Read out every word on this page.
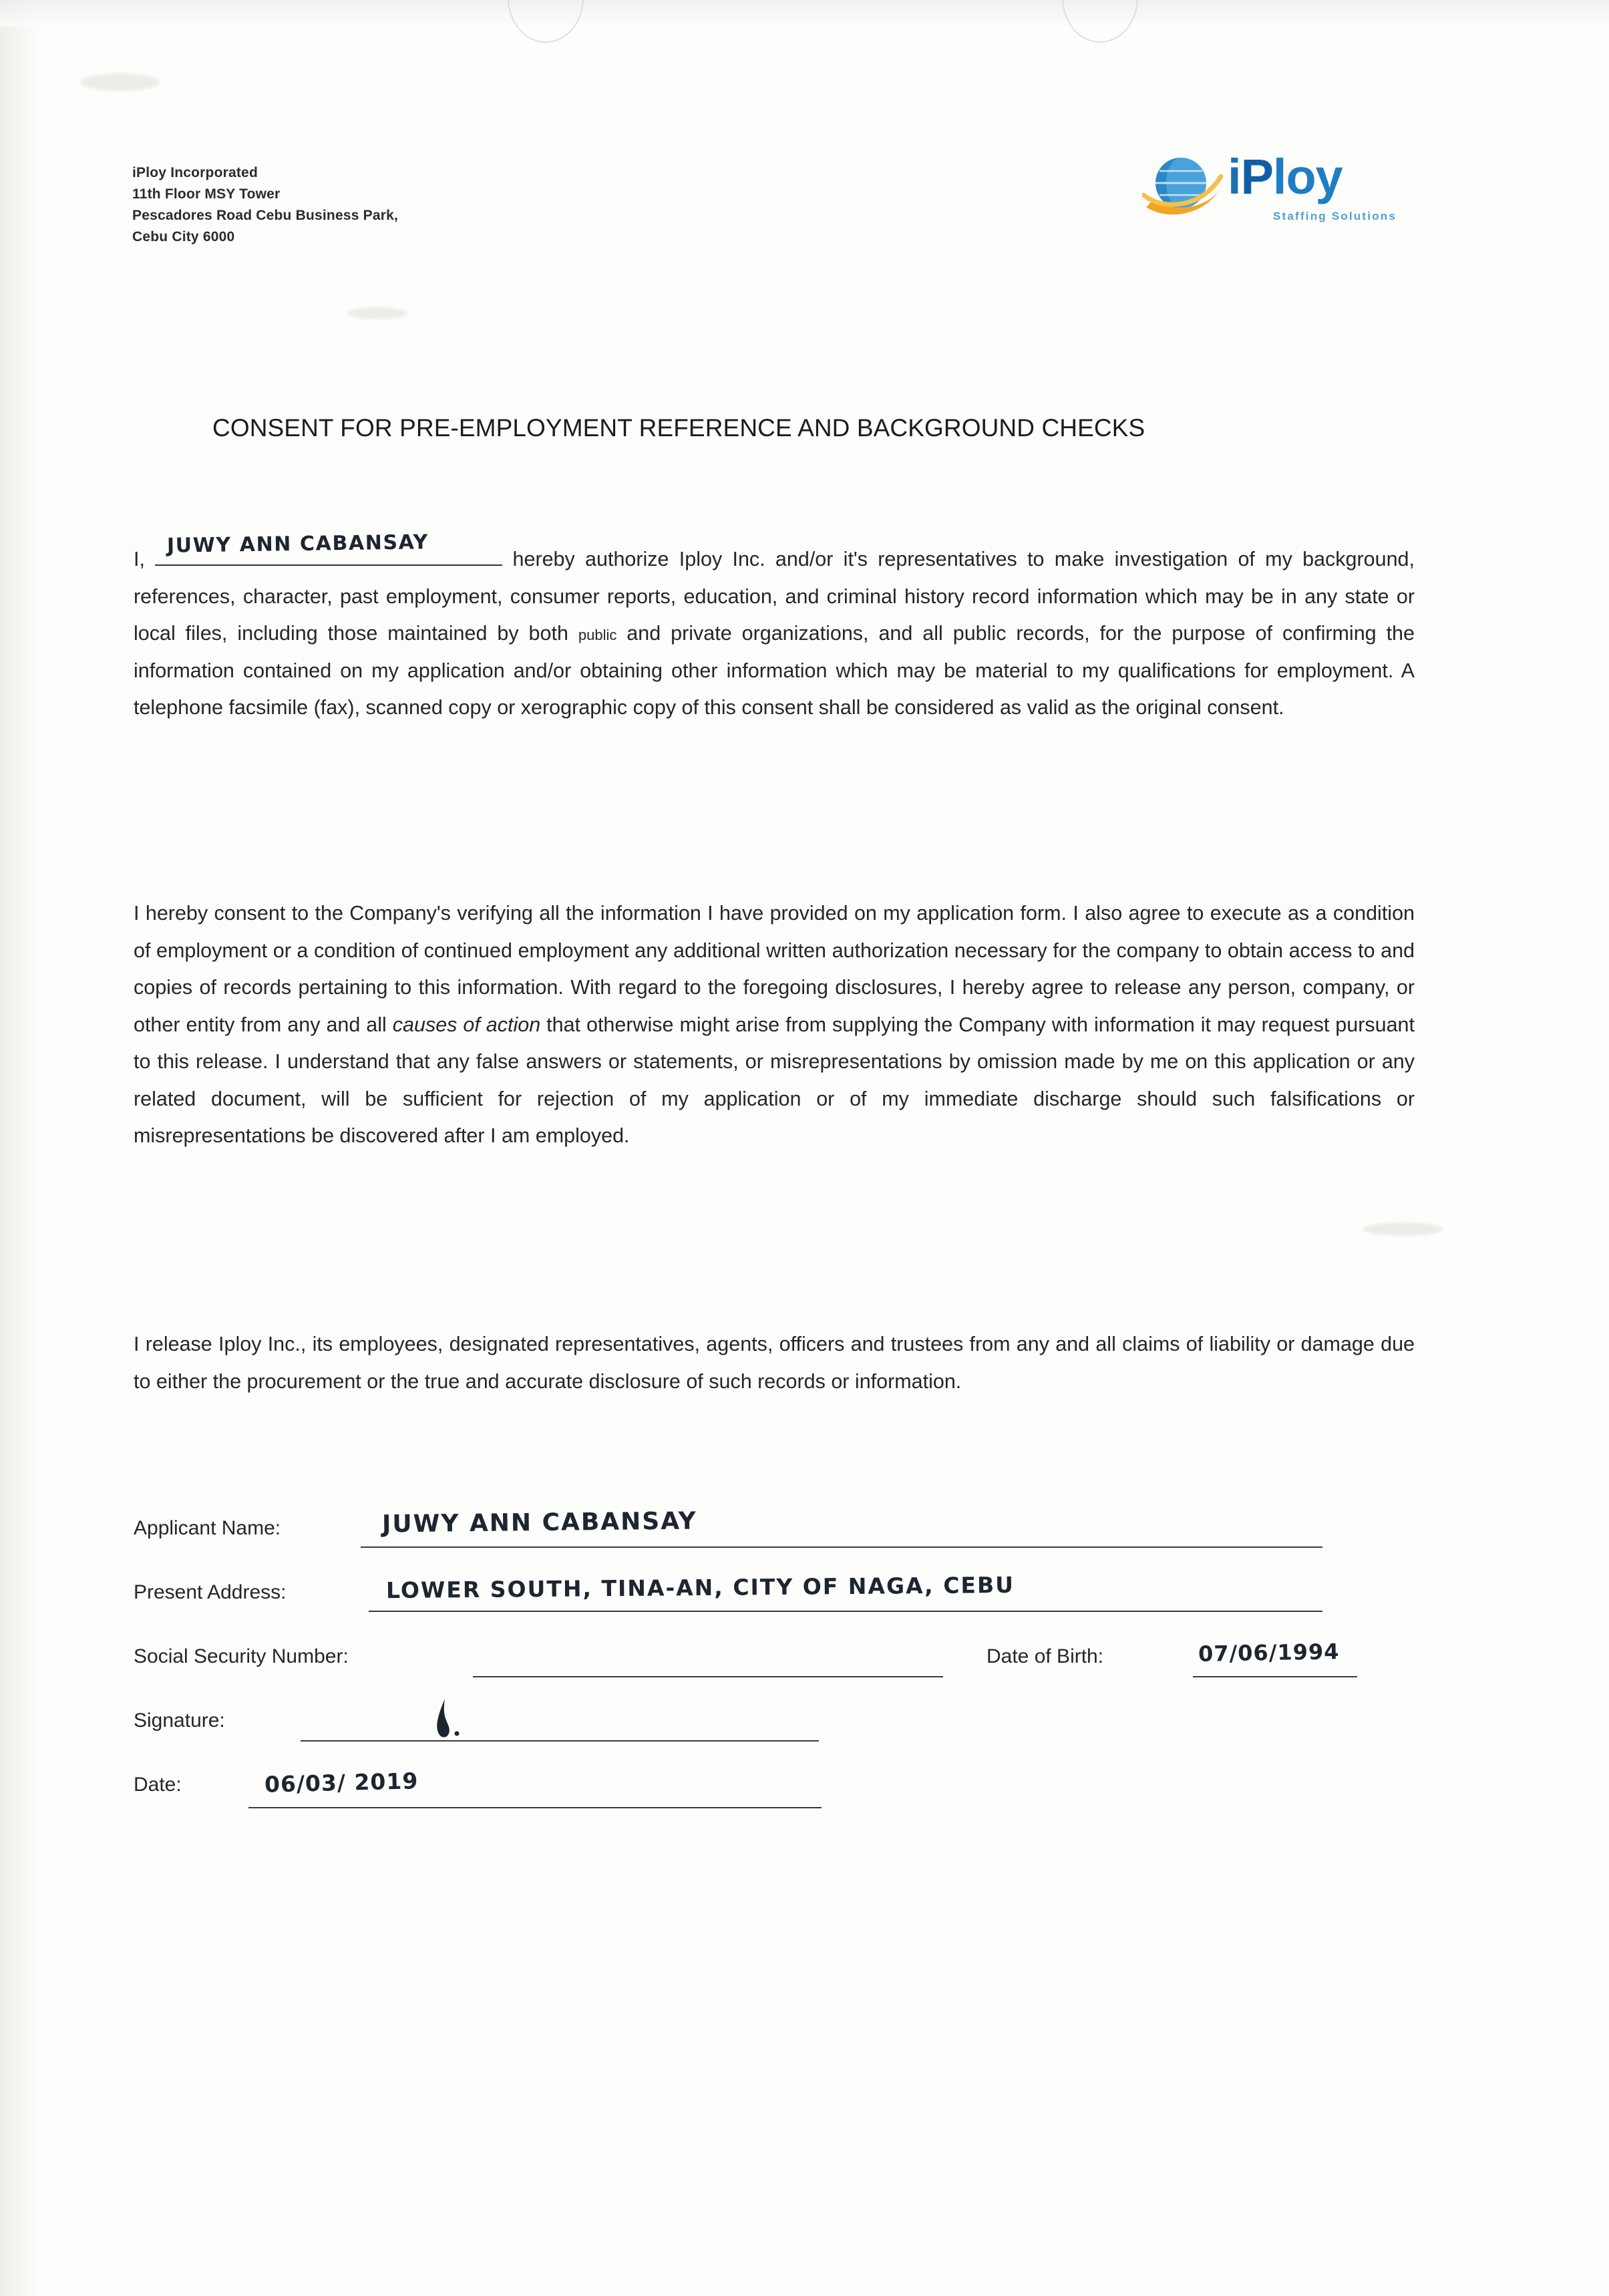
iPloy Incorporated
11th Floor MSY Tower
Pescadores Road Cebu Business Park,
Cebu City 6000
iPloy
Staffing Solutions
CONSENT FOR PRE-EMPLOYMENT REFERENCE AND BACKGROUND CHECKS
I,
JUWY ANN CABANSAY
hereby authorize Iploy Inc. and/or it's representatives to make investigation of my background, references, character, past employment, consumer reports, education, and criminal history record information which may be in any state or local files, including those maintained by both public and private organizations, and all public records, for the purpose of confirming the information contained on my application and/or obtaining other information which may be material to my qualifications for employment. A telephone facsimile (fax), scanned copy or xerographic copy of this consent shall be considered as valid as the original consent.
I hereby consent to the Company's verifying all the information I have provided on my application form. I also agree to execute as a condition of employment or a condition of continued employment any additional written authorization necessary for the company to obtain access to and copies of records pertaining to this information. With regard to the foregoing disclosures, I hereby agree to release any person, company, or other entity from any and all causes of action that otherwise might arise from supplying the Company with information it may request pursuant to this release. I understand that any false answers or statements, or misrepresentations by omission made by me on this application or any related document, will be sufficient for rejection of my application or of my immediate discharge should such falsifications or misrepresentations be discovered after I am employed.
I release Iploy Inc., its employees, designated representatives, agents, officers and trustees from any and all claims of liability or damage due to either the procurement or the true and accurate disclosure of such records or information.
Applicant Name:	JUWY ANN CABANSAY
Present Address:	LOWER SOUTH, TINA-AN, CITY OF NAGA, CEBU
Social Security Number:	Date of Birth:	07/06/1994
Signature:
Date:	06/03/ 2019
